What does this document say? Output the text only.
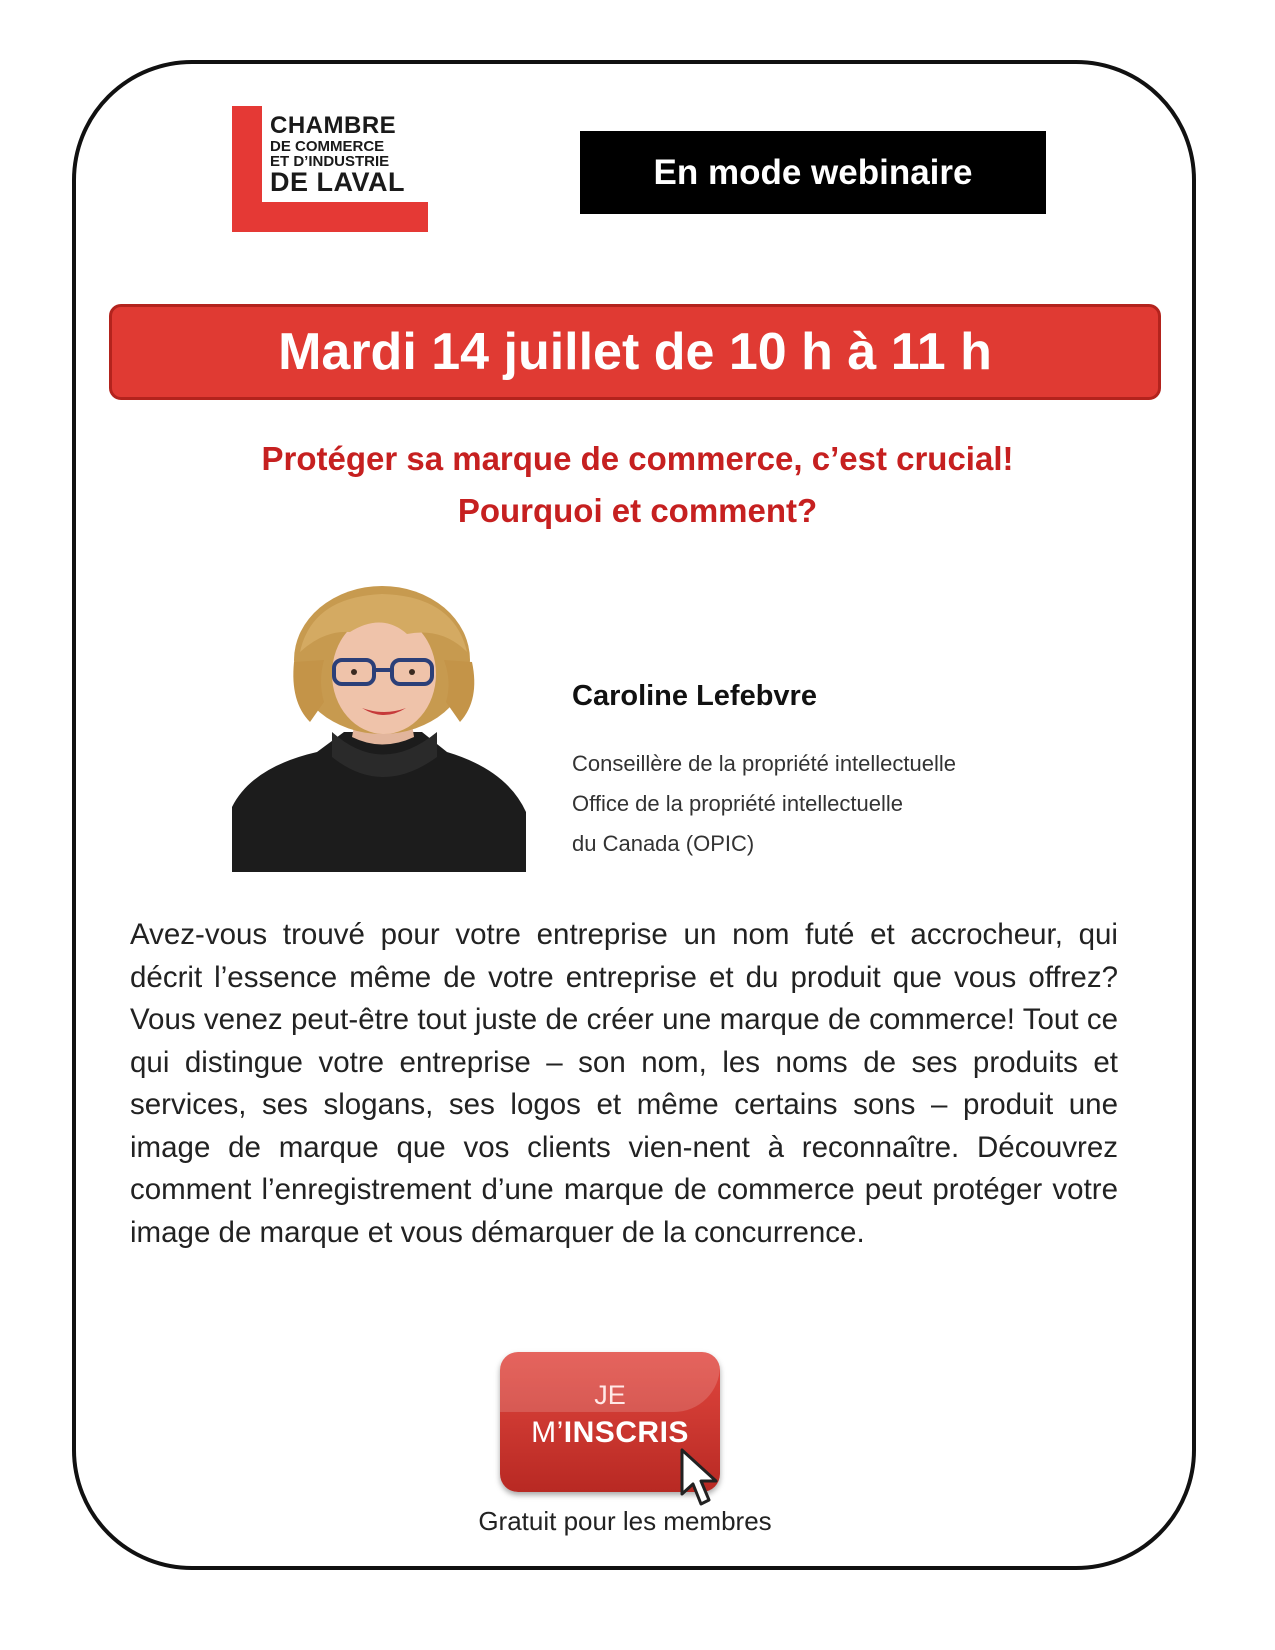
CHAMBRE
DE COMMERCE
ET D’INDUSTRIE
DE LAVAL	En mode webinaire
Mardi 14 juillet de 10 h à 11 h
Protéger sa marque de commerce, c’est crucial!
Pourquoi et comment?
Caroline Lefebvre
Conseillère de la propriété intellectuelle
Office de la propriété intellectuelle
du Canada (OPIC)
Avez-vous trouvé pour votre entreprise un nom futé et accrocheur, qui décrit l’essence même de votre entreprise et du produit que vous offrez? Vous venez peut-être tout juste de créer une marque de commerce! Tout ce qui distingue votre entreprise – son nom, les noms de ses produits et services, ses slogans, ses logos et même certains sons – produit une image de marque que vos clients vien-nent à reconnaître. Découvrez comment l’enregistrement d’une marque de commerce peut protéger votre image de marque et vous démarquer de la concurrence.
JE
M’INSCRIS
Gratuit pour les membres
